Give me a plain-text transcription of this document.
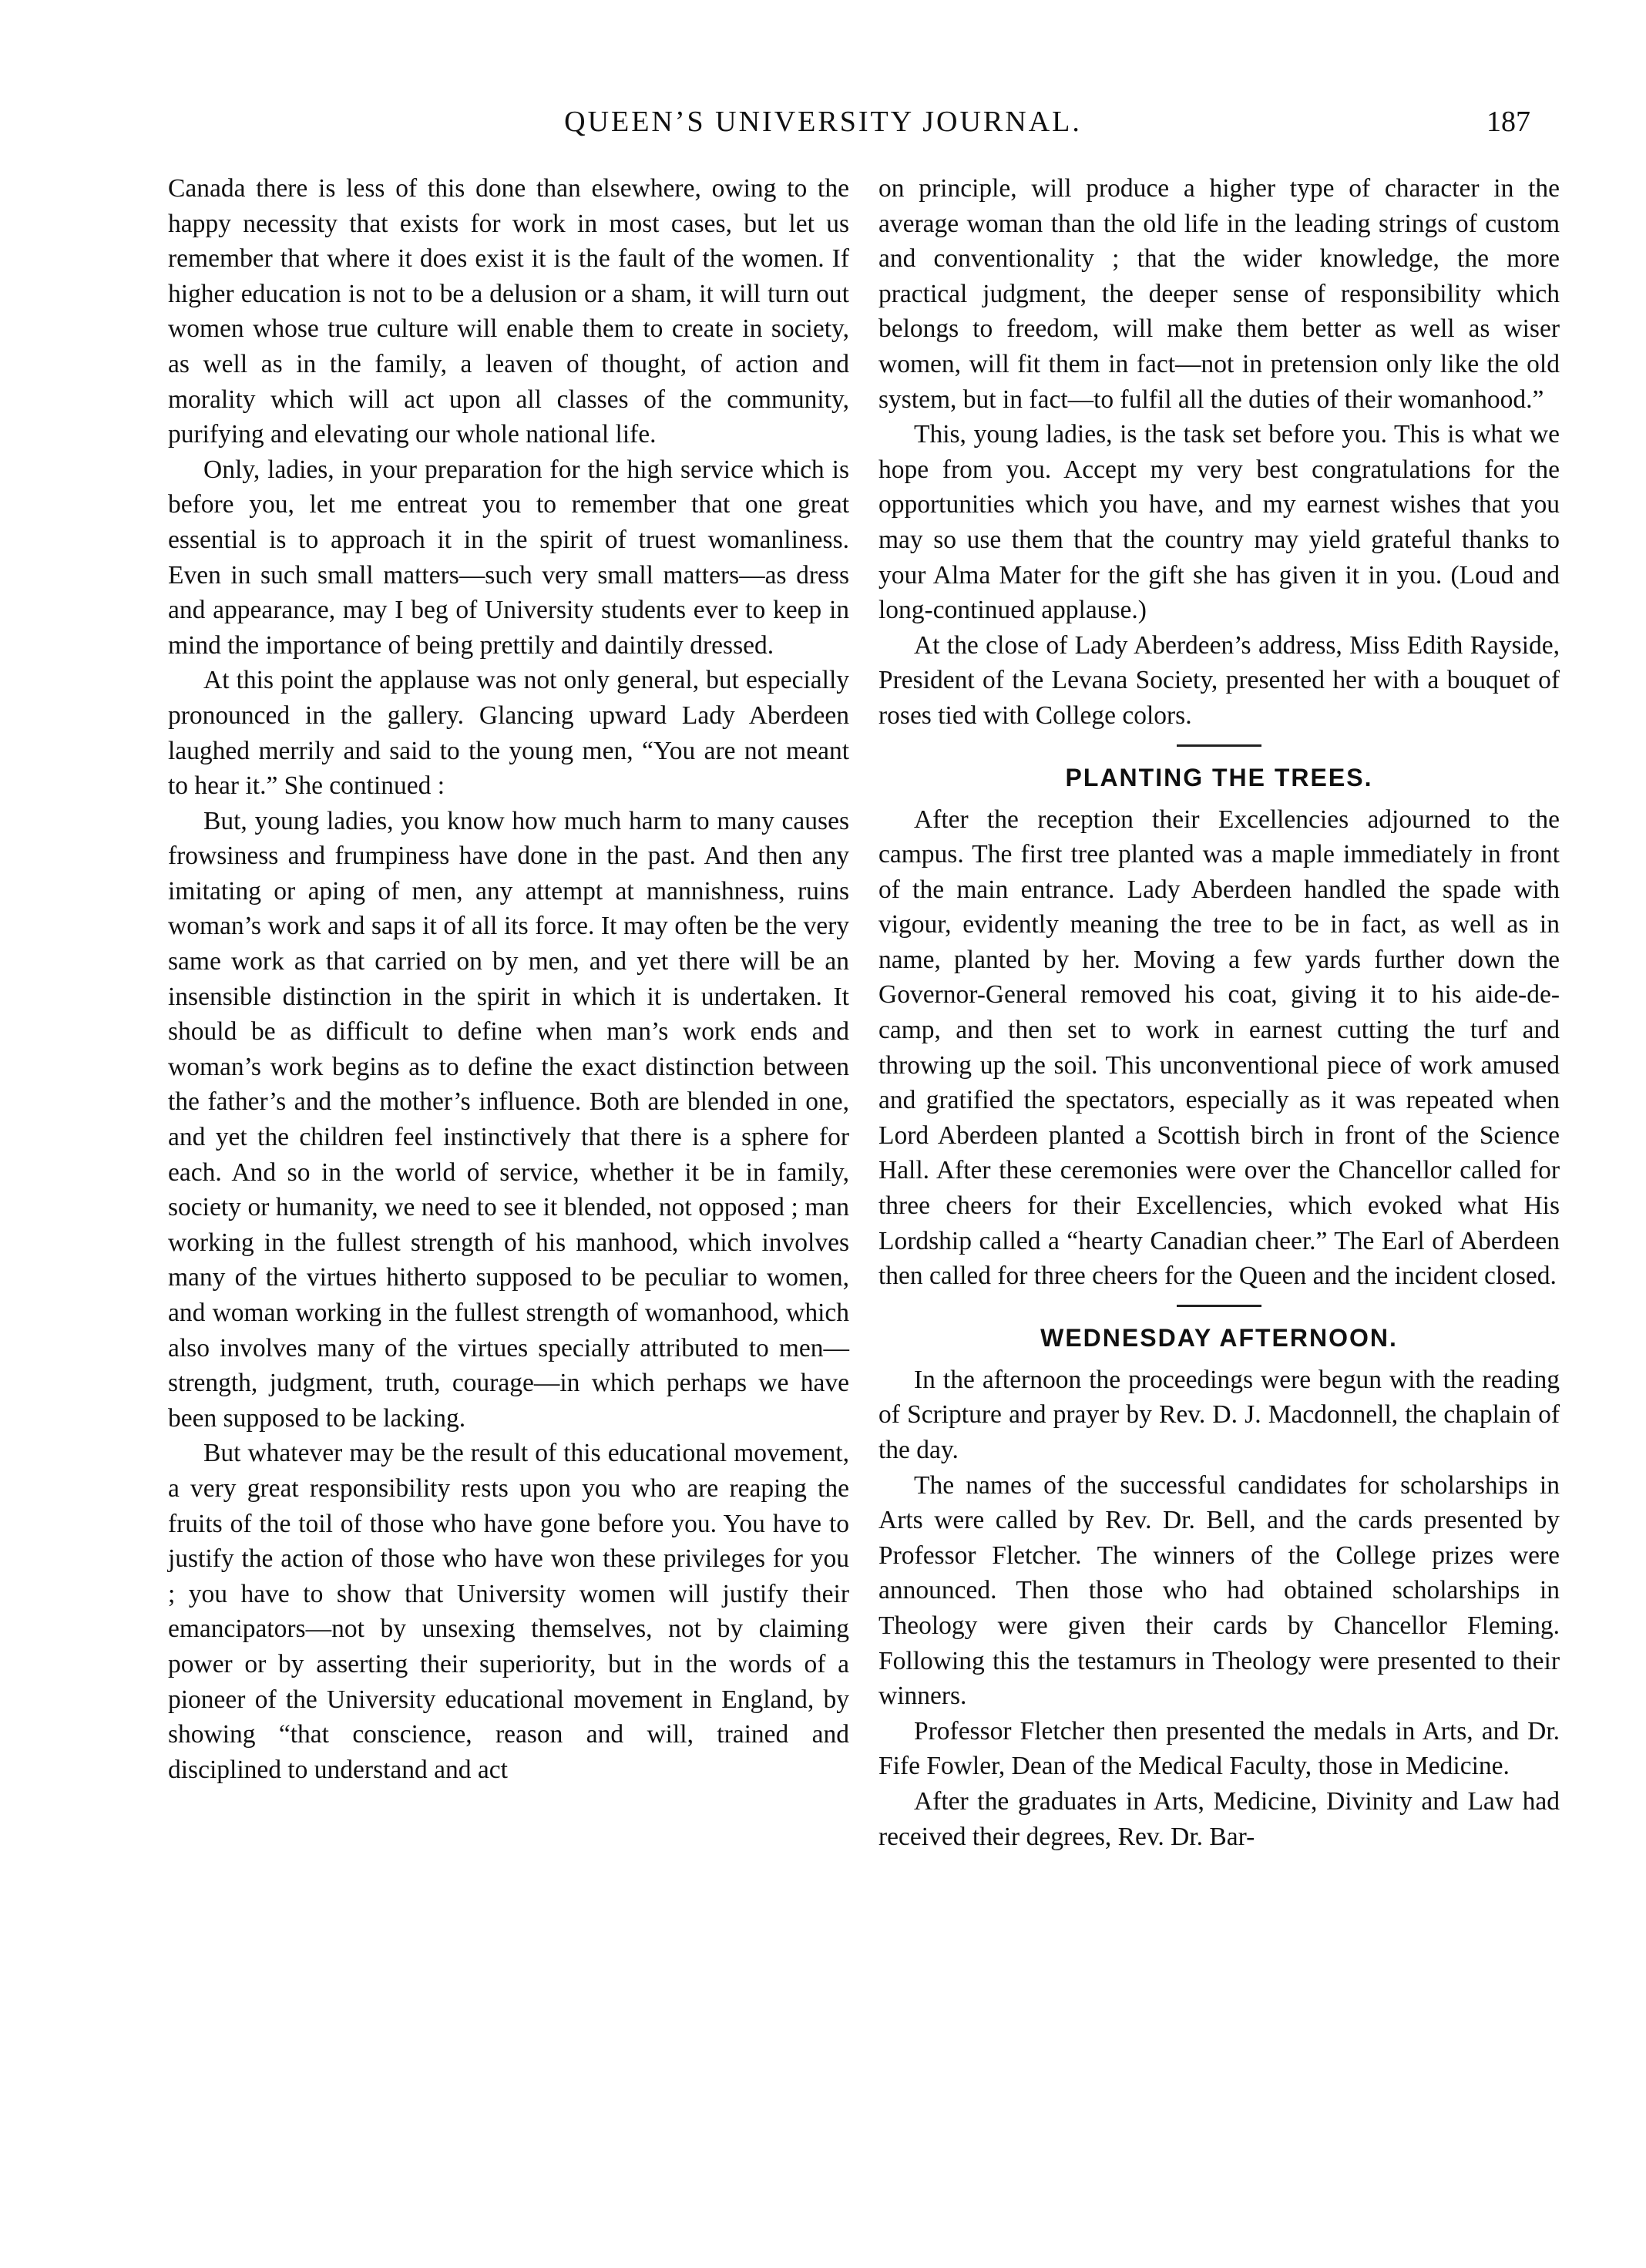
QUEEN’S UNIVERSITY JOURNAL.	187

Canada there is less of this done than elsewhere, owing to the happy necessity that exists for work in most cases, but let us remember that where it does exist it is the fault of the women. If higher education is not to be a delusion or a sham, it will turn out women whose true culture will enable them to create in society, as well as in the family, a leaven of thought, of action and morality which will act upon all classes of the community, purifying and elevating our whole national life.

Only, ladies, in your preparation for the high service which is before you, let me entreat you to remember that one great essential is to approach it in the spirit of truest womanliness. Even in such small matters—such very small matters—as dress and appearance, may I beg of University students ever to keep in mind the importance of being prettily and daintily dressed.

At this point the applause was not only general, but especially pronounced in the gallery. Glancing upward Lady Aberdeen laughed merrily and said to the young men, “You are not meant to hear it.” She continued :

But, young ladies, you know how much harm to many causes frowsiness and frumpiness have done in the past. And then any imitating or aping of men, any attempt at mannishness, ruins woman’s work and saps it of all its force. It may often be the very same work as that carried on by men, and yet there will be an insensible distinction in the spirit in which it is undertaken. It should be as difficult to define when man’s work ends and woman’s work begins as to define the exact distinction between the father’s and the mother’s influence. Both are blended in one, and yet the children feel instinctively that there is a sphere for each. And so in the world of service, whether it be in family, society or humanity, we need to see it blended, not opposed ; man working in the fullest strength of his manhood, which involves many of the virtues hitherto supposed to be peculiar to women, and woman working in the fullest strength of womanhood, which also involves many of the virtues specially attributed to men—strength, judgment, truth, courage—in which perhaps we have been supposed to be lacking.

But whatever may be the result of this educational movement, a very great responsibility rests upon you who are reaping the fruits of the toil of those who have gone before you. You have to justify the action of those who have won these privileges for you ; you have to show that University women will justify their emancipators—not by unsexing themselves, not by claiming power or by asserting their superiority, but in the words of a pioneer of the University educational movement in England, by showing “that conscience, reason and will, trained and disciplined to understand and act

on principle, will produce a higher type of character in the average woman than the old life in the leading strings of custom and conventionality ; that the wider knowledge, the more practical judgment, the deeper sense of responsibility which belongs to freedom, will make them better as well as wiser women, will fit them in fact—not in pretension only like the old system, but in fact—to fulfil all the duties of their womanhood.”

This, young ladies, is the task set before you. This is what we hope from you. Accept my very best congratulations for the opportunities which you have, and my earnest wishes that you may so use them that the country may yield grateful thanks to your Alma Mater for the gift she has given it in you. (Loud and long-continued applause.)

At the close of Lady Aberdeen’s address, Miss Edith Rayside, President of the Levana Society, presented her with a bouquet of roses tied with College colors.

PLANTING THE TREES.

After the reception their Excellencies adjourned to the campus. The first tree planted was a maple immediately in front of the main entrance. Lady Aberdeen handled the spade with vigour, evidently meaning the tree to be in fact, as well as in name, planted by her. Moving a few yards further down the Governor-General removed his coat, giving it to his aide-de-camp, and then set to work in earnest cutting the turf and throwing up the soil. This unconventional piece of work amused and gratified the spectators, especially as it was repeated when Lord Aberdeen planted a Scottish birch in front of the Science Hall. After these ceremonies were over the Chancellor called for three cheers for their Excellencies, which evoked what His Lordship called a “hearty Canadian cheer.” The Earl of Aberdeen then called for three cheers for the Queen and the incident closed.

WEDNESDAY AFTERNOON.

In the afternoon the proceedings were begun with the reading of Scripture and prayer by Rev. D. J. Macdonnell, the chaplain of the day.

The names of the successful candidates for scholarships in Arts were called by Rev. Dr. Bell, and the cards presented by Professor Fletcher. The winners of the College prizes were announced. Then those who had obtained scholarships in Theology were given their cards by Chancellor Fleming. Following this the testamurs in Theology were presented to their winners.

Professor Fletcher then presented the medals in Arts, and Dr. Fife Fowler, Dean of the Medical Faculty, those in Medicine.

After the graduates in Arts, Medicine, Divinity and Law had received their degrees, Rev. Dr. Bar-
